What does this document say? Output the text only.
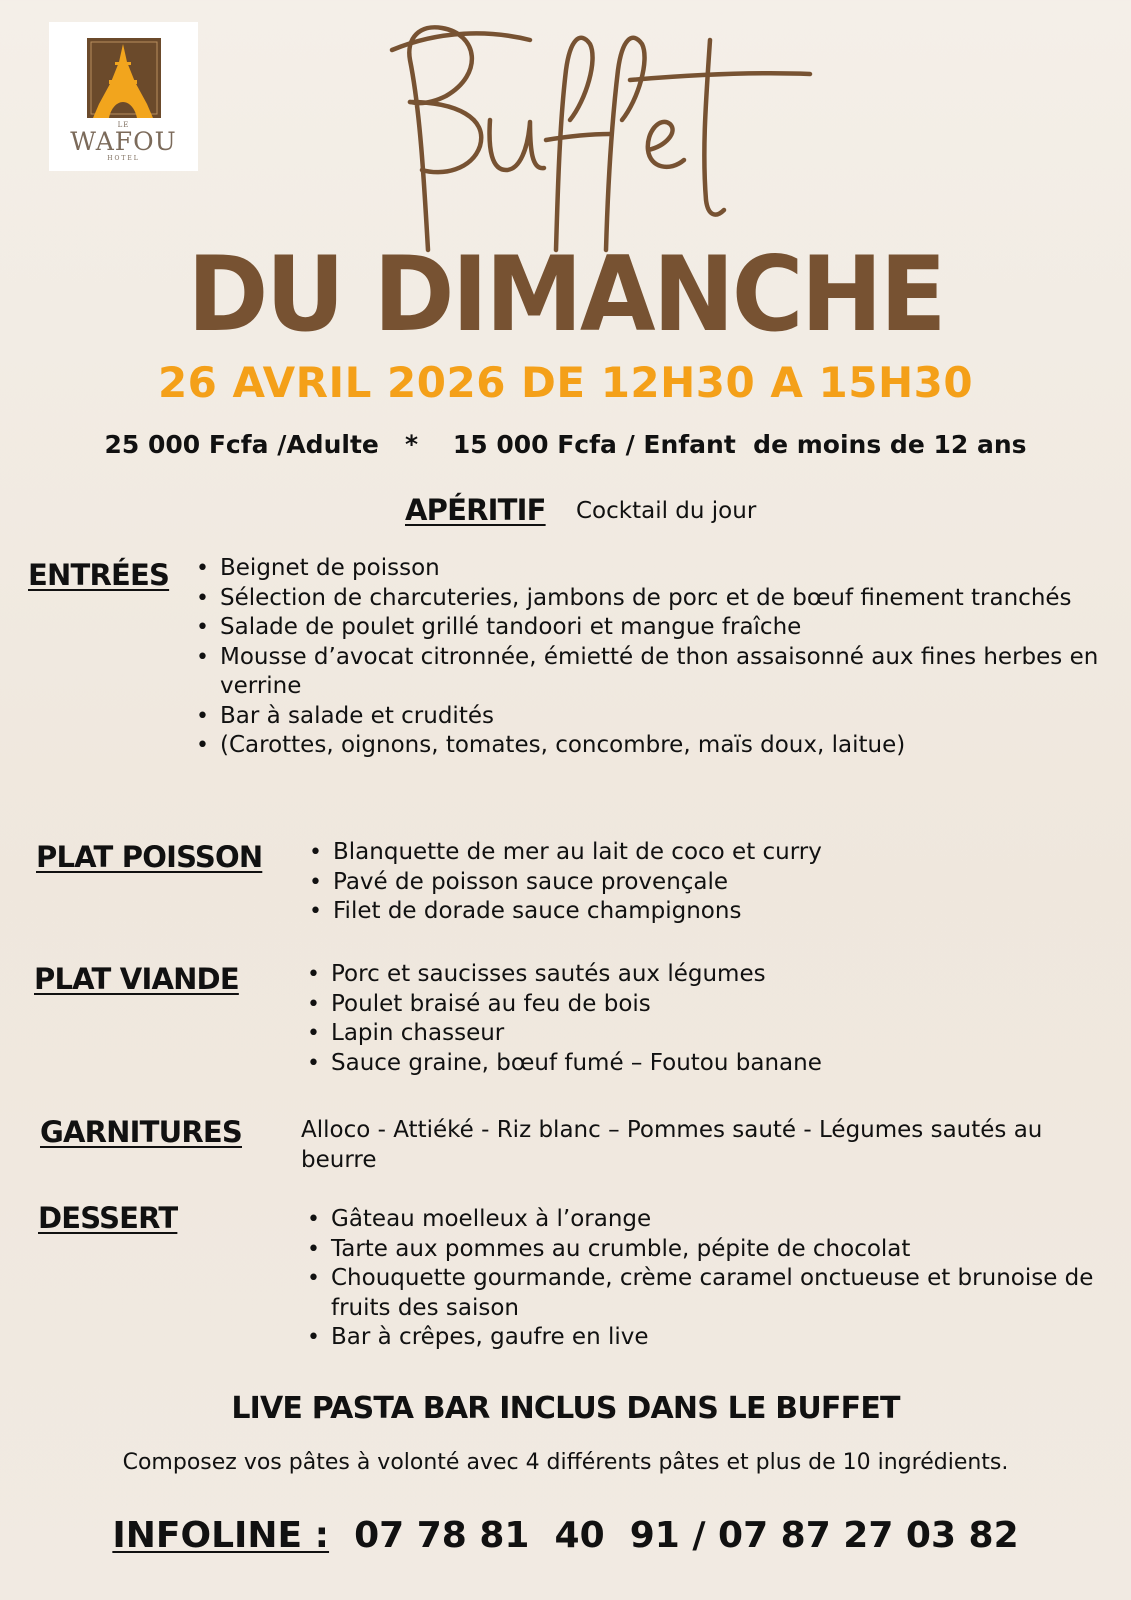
LE
WAFOU
HOTEL
DU DIMANCHE
26 AVRIL 2026 DE 12H30 A 15H30
25 000 Fcfa /Adulte   *    15 000 Fcfa / Enfant  de moins de 12 ans
APÉRITIF Cocktail du jour
ENTRÉES • Beignet de poisson
• Sélection de charcuteries, jambons de porc et de bœuf finement tranchés
• Salade de poulet grillé tandoori et mangue fraîche
• Mousse d’avocat citronnée, émietté de thon assaisonné aux fines herbes en verrine
• Bar à salade et crudités
• (Carottes, oignons, tomates, concombre, maïs doux, laitue)
PLAT POISSON	• Blanquette de mer au lait de coco et curry
• Pavé de poisson sauce provençale
• Filet de dorade sauce champignons
PLAT VIANDE	• Porc et saucisses sautés aux légumes
• Poulet braisé au feu de bois
• Lapin chasseur
• Sauce graine, bœuf fumé – Foutou banane
GARNITURES	Alloco - Attiéké - Riz blanc – Pommes sauté - Légumes sautés au beurre
DESSERT	• Gâteau moelleux à l’orange
• Tarte aux pommes au crumble, pépite de chocolat
• Chouquette gourmande, crème caramel onctueuse et brunoise de fruits des saison
• Bar à crêpes, gaufre en live
LIVE PASTA BAR INCLUS DANS LE BUFFET
Composez vos pâtes à volonté avec 4 différents pâtes et plus de 10 ingrédients.
INFOLINE :  07 78 81  40  91 / 07 87 27 03 82
